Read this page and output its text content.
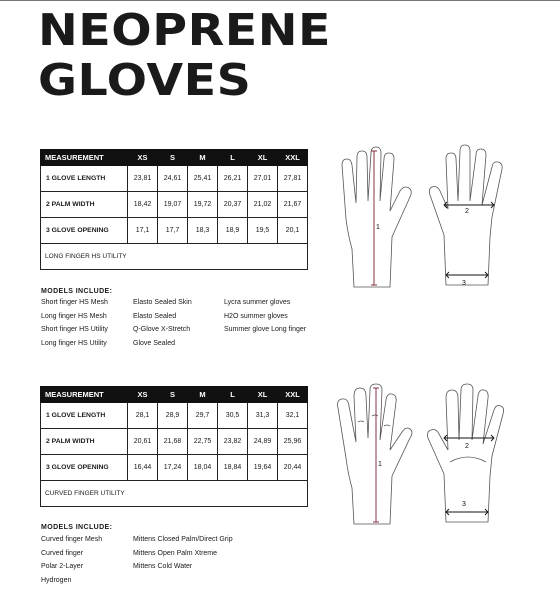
NEOPRENE
GLOVES
MEASUREMENT	XS	S	M	L	XL	XXL
1 GLOVE LENGTH	23,81	24,61	25,41	26,21	27,01	27,81
2 PALM WIDTH	18,42	19,07	19,72	20,37	21,02	21,67
3 GLOVE OPENING	17,1	17,7	18,3	18,9	19,5	20,1
LONG FINGER HS UTILITY						
MODELS INCLUDE:
Short finger HS Mesh
Long finger HS Mesh
Short finger HS Utility
Long finger HS Utility
Elasto Sealed Skin
Elasto Sealed
Q-Glove X-Stretch
Glove Sealed
Lycra summer gloves
H2O summer gloves
Summer glove Long finger
1
2
3
MEASUREMENT	XS	S	M	L	XL	XXL
1 GLOVE LENGTH	28,1	28,9	29,7	30,5	31,3	32,1
2 PALM WIDTH	20,61	21,68	22,75	23,82	24,89	25,96
3 GLOVE OPENING	16,44	17,24	18,04	18,84	19,64	20,44
CURVED FINGER UTILITY						
MODELS INCLUDE:
Curved finger Mesh
Curved finger
Polar 2-Layer
Hydrogen
Mittens Closed Palm/Direct Grip
Mittens Open Palm Xtreme
Mittens Cold Water
1
2
3
